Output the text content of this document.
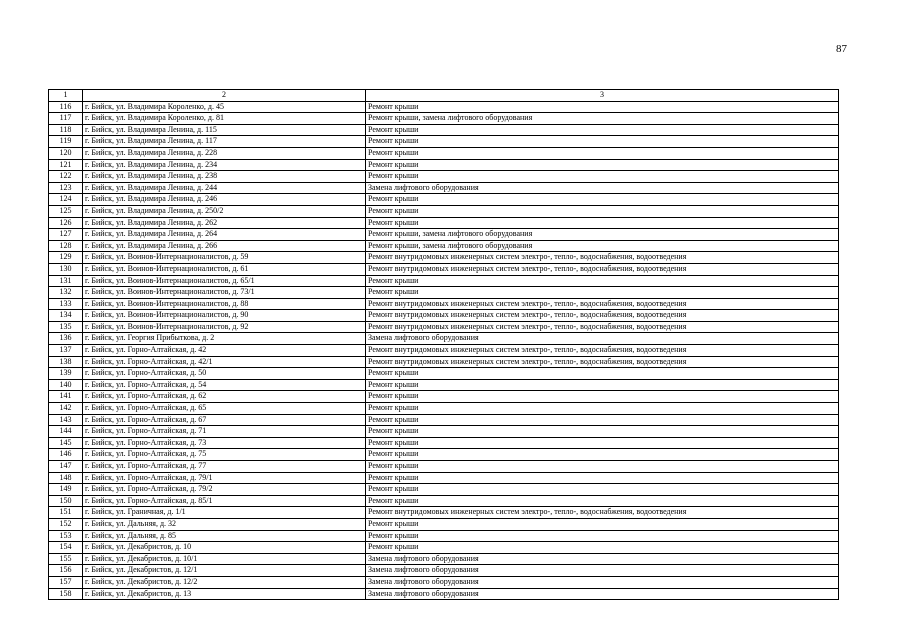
87
1	2	3
116	г. Бийск, ул. Владимира Короленко, д. 45	Ремонт крыши
117	г. Бийск, ул. Владимира Короленко, д. 81	Ремонт крыши, замена лифтового оборудования
118	г. Бийск, ул. Владимира Ленина, д. 115	Ремонт крыши
119	г. Бийск, ул. Владимира Ленина, д. 117	Ремонт крыши
120	г. Бийск, ул. Владимира Ленина, д. 228	Ремонт крыши
121	г. Бийск, ул. Владимира Ленина, д. 234	Ремонт крыши
122	г. Бийск, ул. Владимира Ленина, д. 238	Ремонт крыши
123	г. Бийск, ул. Владимира Ленина, д. 244	Замена лифтового оборудования
124	г. Бийск, ул. Владимира Ленина, д. 246	Ремонт крыши
125	г. Бийск, ул. Владимира Ленина, д. 250/2	Ремонт крыши
126	г. Бийск, ул. Владимира Ленина, д. 262	Ремонт крыши
127	г. Бийск, ул. Владимира Ленина, д. 264	Ремонт крыши, замена лифтового оборудования
128	г. Бийск, ул. Владимира Ленина, д. 266	Ремонт крыши, замена лифтового оборудования
129	г. Бийск, ул. Воинов-Интернационалистов, д. 59	Ремонт внутридомовых инженерных систем электро-, тепло-, водоснабжения, водоотведения
130	г. Бийск, ул. Воинов-Интернационалистов, д. 61	Ремонт внутридомовых инженерных систем электро-, тепло-, водоснабжения, водоотведения
131	г. Бийск, ул. Воинов-Интернационалистов, д. 65/1	Ремонт крыши
132	г. Бийск, ул. Воинов-Интернационалистов, д. 73/1	Ремонт крыши
133	г. Бийск, ул. Воинов-Интернационалистов, д. 88	Ремонт внутридомовых инженерных систем электро-, тепло-, водоснабжения, водоотведения
134	г. Бийск, ул. Воинов-Интернационалистов, д. 90	Ремонт внутридомовых инженерных систем электро-, тепло-, водоснабжения, водоотведения
135	г. Бийск, ул. Воинов-Интернационалистов, д. 92	Ремонт внутридомовых инженерных систем электро-, тепло-, водоснабжения, водоотведения
136	г. Бийск, ул. Георгия Прибыткова, д. 2	Замена лифтового оборудования
137	г. Бийск, ул. Горно-Алтайская, д. 42	Ремонт внутридомовых инженерных систем электро-, тепло-, водоснабжения, водоотведения
138	г. Бийск, ул. Горно-Алтайская, д. 42/1	Ремонт внутридомовых инженерных систем электро-, тепло-, водоснабжения, водоотведения
139	г. Бийск, ул. Горно-Алтайская, д. 50	Ремонт крыши
140	г. Бийск, ул. Горно-Алтайская, д. 54	Ремонт крыши
141	г. Бийск, ул. Горно-Алтайская, д. 62	Ремонт крыши
142	г. Бийск, ул. Горно-Алтайская, д. 65	Ремонт крыши
143	г. Бийск, ул. Горно-Алтайская, д. 67	Ремонт крыши
144	г. Бийск, ул. Горно-Алтайская, д. 71	Ремонт крыши
145	г. Бийск, ул. Горно-Алтайская, д. 73	Ремонт крыши
146	г. Бийск, ул. Горно-Алтайская, д. 75	Ремонт крыши
147	г. Бийск, ул. Горно-Алтайская, д. 77	Ремонт крыши
148	г. Бийск, ул. Горно-Алтайская, д. 79/1	Ремонт крыши
149	г. Бийск, ул. Горно-Алтайская, д. 79/2	Ремонт крыши
150	г. Бийск, ул. Горно-Алтайская, д. 85/1	Ремонт крыши
151	г. Бийск, ул. Граничная, д. 1/1	Ремонт внутридомовых инженерных систем электро-, тепло-, водоснабжения, водоотведения
152	г. Бийск, ул. Дальняя, д. 32	Ремонт крыши
153	г. Бийск, ул. Дальняя, д. 85	Ремонт крыши
154	г. Бийск, ул. Декабристов, д. 10	Ремонт крыши
155	г. Бийск, ул. Декабристов, д. 10/1	Замена лифтового оборудования
156	г. Бийск, ул. Декабристов, д. 12/1	Замена лифтового оборудования
157	г. Бийск, ул. Декабристов, д. 12/2	Замена лифтового оборудования
158	г. Бийск, ул. Декабристов, д. 13	Замена лифтового оборудования
